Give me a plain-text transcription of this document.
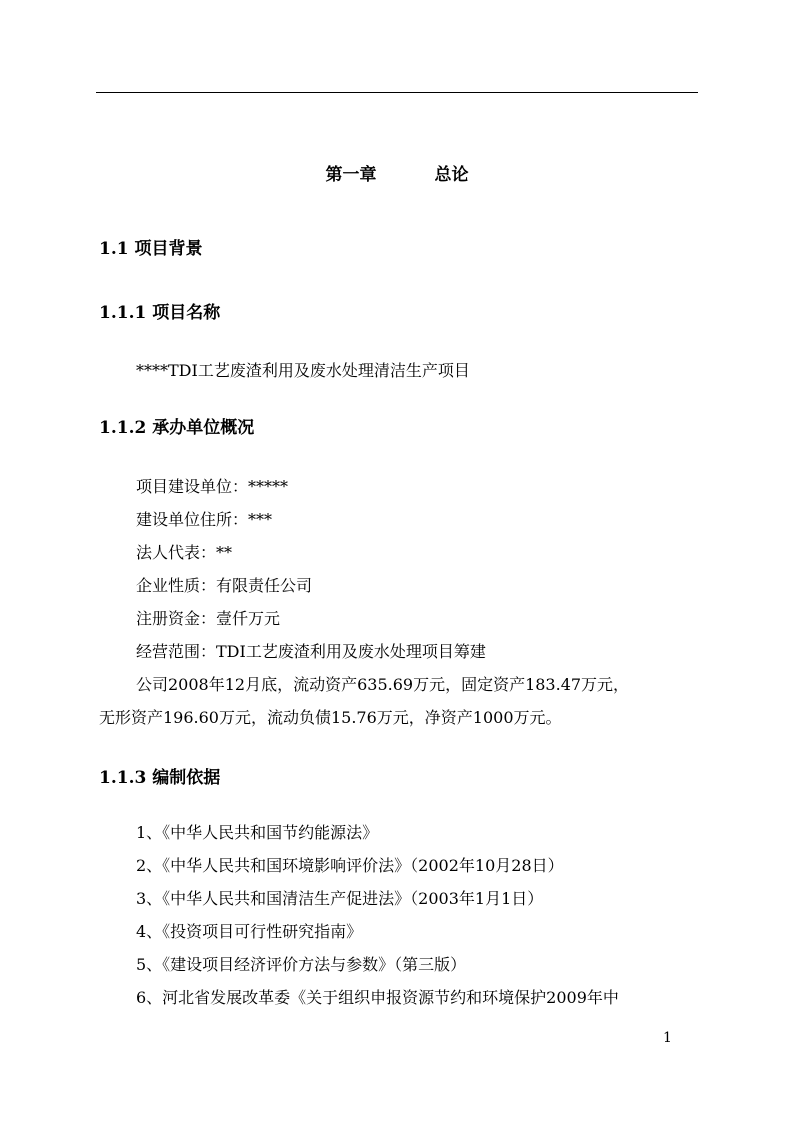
第一章	总论
1.1 项目背景
1.1.1 项目名称
****TDI工艺废渣利用及废水处理清洁生产项目
1.1.2 承办单位概况
项目建设单位：*****
建设单位住所：***
法人代表：**
企业性质：有限责任公司
注册资金：壹仟万元
经营范围：TDI工艺废渣利用及废水处理项目筹建
公司2008年12月底，流动资产635.69万元，固定资产183.47万元，
无形资产196.60万元，流动负债15.76万元，净资产1000万元。
1.1.3 编制依据
1、《中华人民共和国节约能源法》
2、《中华人民共和国环境影响评价法》（2002年10月28日）
3、《中华人民共和国清洁生产促进法》（2003年1月1日）
4、《投资项目可行性研究指南》
5、《建设项目经济评价方法与参数》（第三版）
6、河北省发展改革委《关于组织申报资源节约和环境保护2009年中
1
